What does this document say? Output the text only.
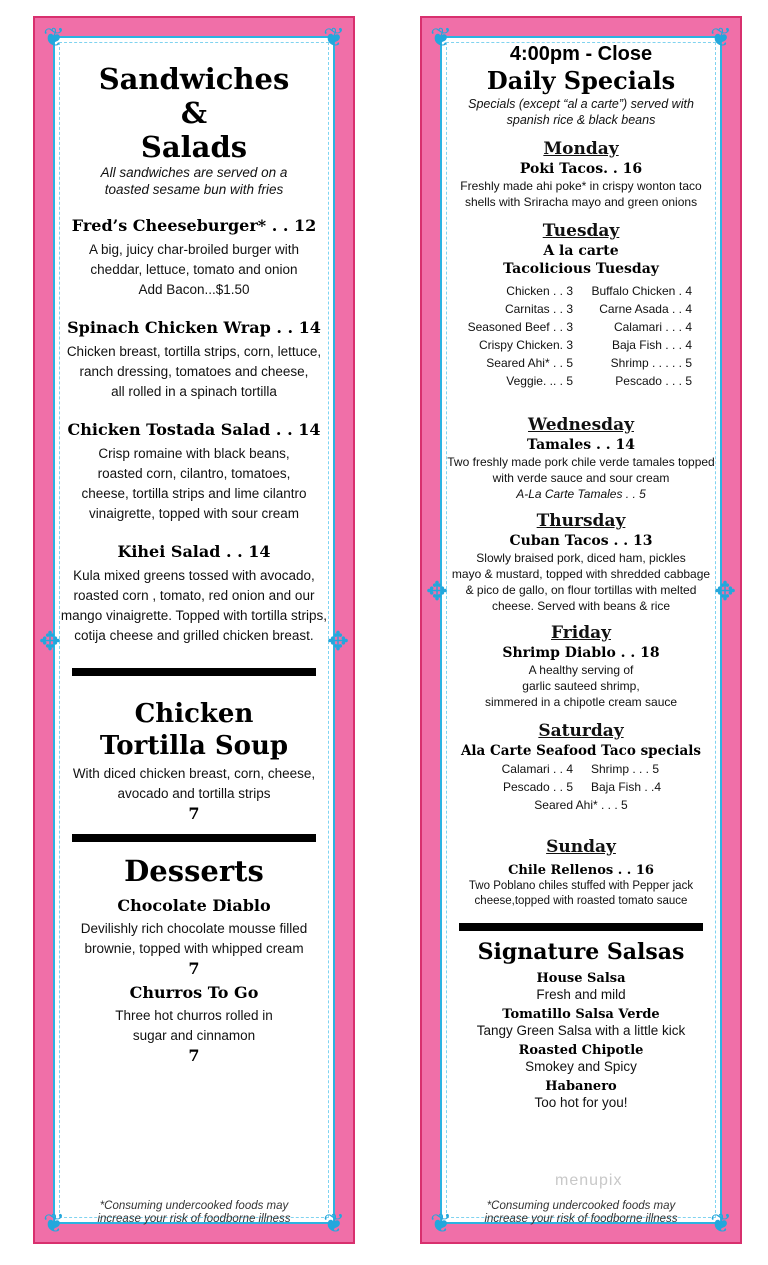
❦	❦
❦	❦
✥	✥

Sandwiches

&

Salads

All sandwiches are served on a toasted sesame bun with fries

Fred’s Cheeseburger* . . 12

A big, juicy char-broiled burger with

cheddar, lettuce, tomato and onion

Add Bacon...$1.50

Spinach Chicken Wrap . . 14

Chicken breast, tortilla strips, corn, lettuce,

ranch dressing, tomatoes and cheese,

all rolled in a spinach tortilla

Chicken Tostada Salad . . 14

Crisp romaine with black beans,

roasted corn, cilantro, tomatoes,

cheese, tortilla strips and lime cilantro

vinaigrette, topped with sour cream

Kihei Salad . . 14

Kula mixed greens tossed with avocado,

roasted corn , tomato, red onion and our

mango vinaigrette. Topped with tortilla strips,

cotija cheese and grilled chicken breast.

Chicken

Tortilla Soup

With diced chicken breast, corn, cheese,

avocado and tortilla strips

7

Desserts

Chocolate Diablo

Devilishly rich chocolate mousse filled

brownie, topped with whipped cream

7

Churros To Go

Three hot churros rolled in

sugar and cinnamon

7

*Consuming undercooked foods may
increase your risk of foodborne illness
❦	❦
❦	❦
✥	✥

4:00pm - Close

Daily Specials

Specials (except “al a carte”) served with

spanish rice & black beans

Monday

Poki Tacos. . 16

Freshly made ahi poke* in crispy wonton taco

shells with Sriracha mayo and green onions

Tuesday

A la carte

Tacolicious Tuesday

Chicken . . 3	Buffalo Chicken . 4
Carnitas . . 3	Carne Asada . . 4
Seasoned Beef . . 3	Calamari . . . 4
Crispy Chicken. 3	Baja Fish . . . 4
Seared Ahi* . . 5	Shrimp . . . . . 5
Veggie. .. . 5	Pescado . . . 5

Wednesday

Tamales . . 14

Two freshly made pork chile verde tamales topped

with verde sauce and sour cream

A-La Carte Tamales . . 5

Thursday

Cuban Tacos . . 13

Slowly braised pork, diced ham, pickles

mayo & mustard, topped with shredded cabbage

& pico de gallo, on flour tortillas with melted

cheese. Served with beans & rice

Friday

Shrimp Diablo . . 18

A healthy serving of

garlic sauteed shrimp,

simmered in a chipotle cream sauce

Saturday

Ala Carte Seafood Taco specials

Calamari . . 4	Shrimp . . . 5
Pescado . . 5	Baja Fish . .4

Seared Ahi* . . . 5

Sunday

Chile Rellenos . . 16

Two Poblano chiles stuffed with Pepper jack

cheese,topped with roasted tomato sauce

Signature Salsas

House Salsa

Fresh and mild

Tomatillo Salsa Verde

Tangy Green Salsa with a little kick

Roasted Chipotle

Smokey and Spicy

Habanero

Too hot for you!

*Consuming undercooked foods may
increase your risk of foodborne illness
menupix
